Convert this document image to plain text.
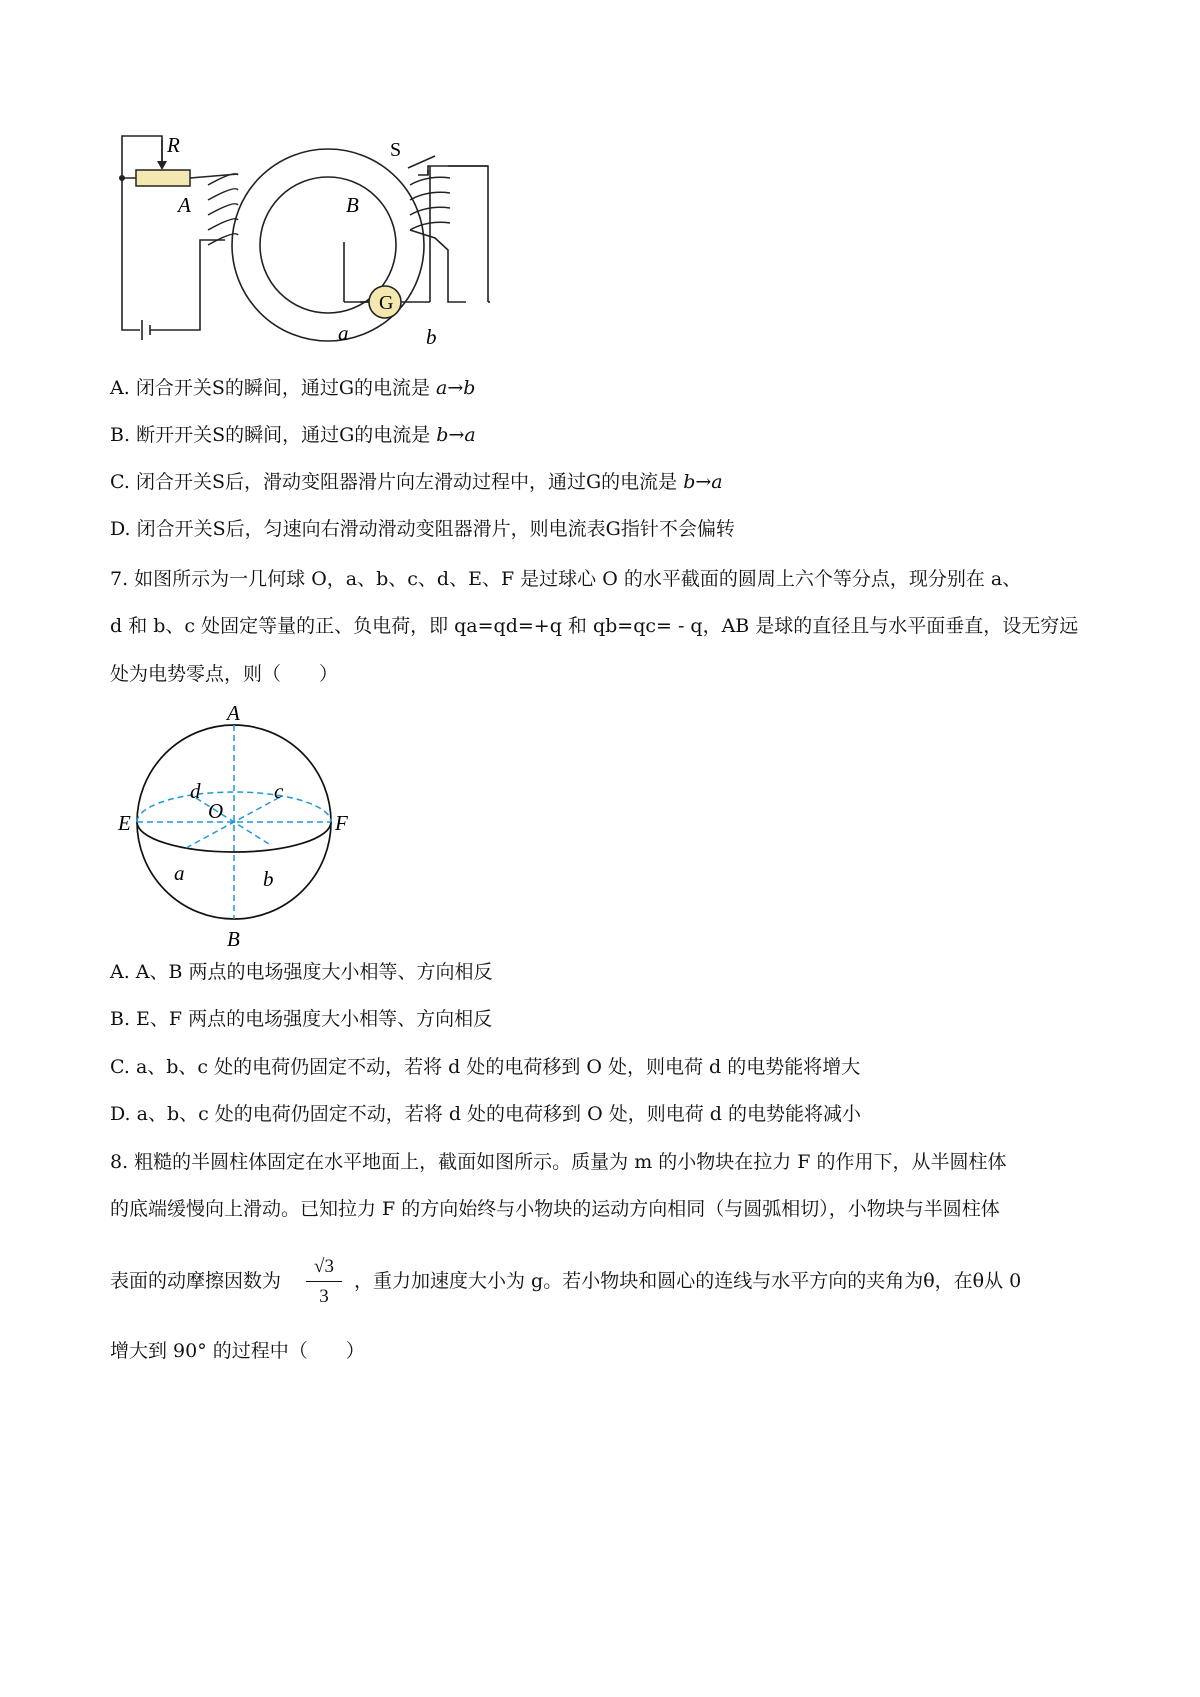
G
R	S
A	B
a	b
A. 闭合开关S的瞬间，通过G的电流是 a→b
B. 断开开关S的瞬间，通过G的电流是 b→a
C. 闭合开关S后，滑动变阻器滑片向左滑动过程中，通过G的电流是 b→a
D. 闭合开关S后，匀速向右滑动滑动变阻器滑片，则电流表G指针不会偏转
7. 如图所示为一几何球 O，a、b、c、d、E、F 是过球心 O 的水平截面的圆周上六个等分点，现分别在 a、
d 和 b、c 处固定等量的正、负电荷，即 qa=qd=+q 和 qb=qc= - q，AB 是球的直径且与水平面垂直，设无穷远
处为电势零点，则（　　）
A
B
E	F
O
a	b
c
d
A. A、B 两点的电场强度大小相等、方向相反
B. E、F 两点的电场强度大小相等、方向相反
C. a、b、c 处的电荷仍固定不动，若将 d 处的电荷移到 O 处，则电荷 d 的电势能将增大
D. a、b、c 处的电荷仍固定不动，若将 d 处的电荷移到 O 处，则电荷 d 的电势能将减小
8. 粗糙的半圆柱体固定在水平地面上，截面如图所示。质量为 m 的小物块在拉力 F 的作用下，从半圆柱体
的底端缓慢向上滑动。已知拉力 F 的方向始终与小物块的运动方向相同（与圆弧相切），小物块与半圆柱体
表面的动摩擦因数为 $\frac{√3}{3}$ ，重力加速度大小为 g。若小物块和圆心的连线与水平方向的夹角为θ，在θ从 0
增大到 90° 的过程中（　　）
